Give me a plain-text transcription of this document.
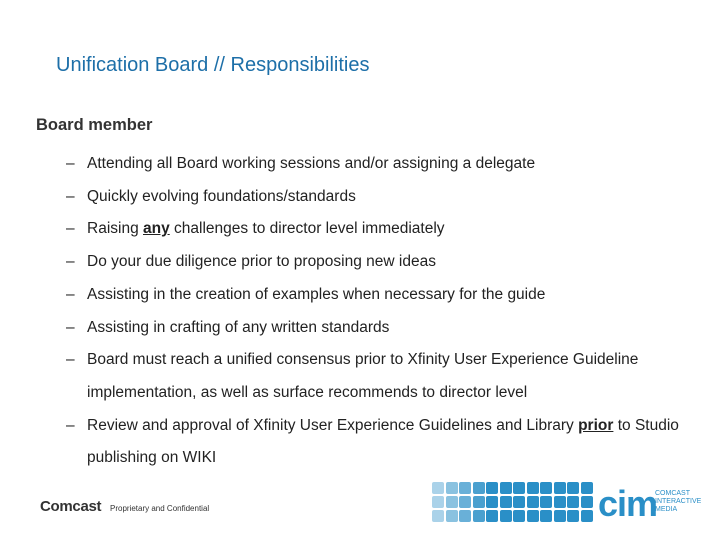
Unification Board // Responsibilities
Board member
– Attending all Board working sessions and/or assigning a delegate
– Quickly evolving foundations/standards
– Raising any challenges to director level immediately
– Do your due diligence prior to proposing new ideas
– Assisting in the creation of examples when necessary for the guide
– Assisting in crafting of any written standards
– Board must reach a unified consensus prior to Xfinity User Experience Guideline implementation, as well as surface recommends to director level
– Review and approval of Xfinity User Experience Guidelines and Library prior to Studio publishing on WIKI
Comcast Proprietary and Confidential	cim
COMCAST
INTERACTIVE
MEDIA
